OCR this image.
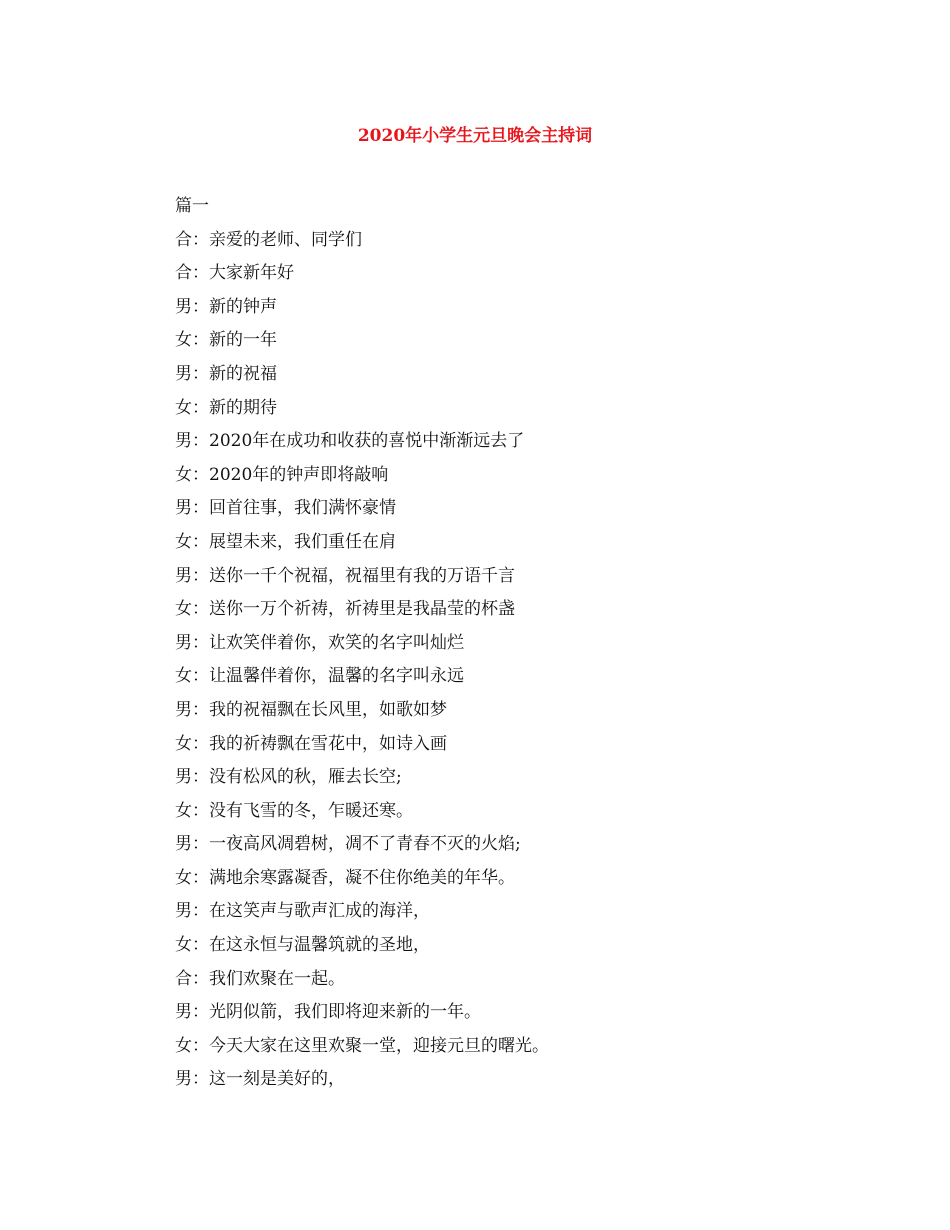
2020年小学生元旦晚会主持词
篇一
合：亲爱的老师、同学们
合：大家新年好
男：新的钟声
女：新的一年
男：新的祝福
女：新的期待
男：2020年在成功和收获的喜悦中渐渐远去了
女：2020年的钟声即将敲响
男：回首往事，我们满怀豪情
女：展望未来，我们重任在肩
男：送你一千个祝福，祝福里有我的万语千言
女：送你一万个祈祷，祈祷里是我晶莹的杯盏
男：让欢笑伴着你，欢笑的名字叫灿烂
女：让温馨伴着你，温馨的名字叫永远
男：我的祝福飘在长风里，如歌如梦
女：我的祈祷飘在雪花中，如诗入画
男：没有松风的秋，雁去长空;
女：没有飞雪的冬，乍暖还寒。
男：一夜高风凋碧树，凋不了青春不灭的火焰;
女：满地余寒露凝香，凝不住你绝美的年华。
男：在这笑声与歌声汇成的海洋，
女：在这永恒与温馨筑就的圣地，
合：我们欢聚在一起。
男：光阴似箭，我们即将迎来新的一年。
女：今天大家在这里欢聚一堂，迎接元旦的曙光。
男：这一刻是美好的，
